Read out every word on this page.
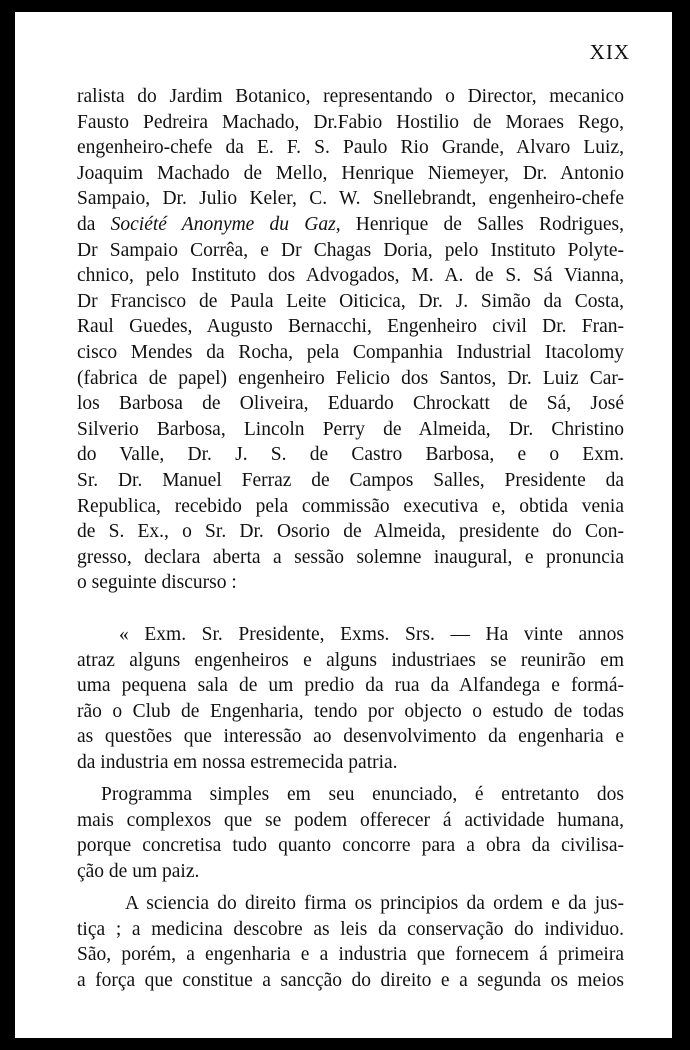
XIX
ralista do Jardim Botanico, representando o Director, mecanico
Fausto Pedreira Machado, Dr.Fabio Hostilio de Moraes Rego,
engenheiro-chefe da E. F. S. Paulo Rio Grande, Alvaro Luiz,
Joaquim Machado de Mello, Henrique Niemeyer, Dr. Antonio
Sampaio, Dr. Julio Keler, C. W. Snellebrandt, engenheiro-chefe
da Société Anonyme du Gaz, Henrique de Salles Rodrigues,
Dr Sampaio Corrêa, e Dr Chagas Doria, pelo Instituto Polyte-
chnico, pelo Instituto dos Advogados, M. A. de S. Sá Vianna,
Dr Francisco de Paula Leite Oiticica, Dr. J. Simão da Costa,
Raul Guedes, Augusto Bernacchi, Engenheiro civil Dr. Fran-
cisco Mendes da Rocha, pela Companhia Industrial Itacolomy
(fabrica de papel) engenheiro Felicio dos Santos, Dr. Luiz Car-
los Barbosa de Oliveira, Eduardo Chrockatt de Sá, José
Silverio Barbosa, Lincoln Perry de Almeida, Dr. Christino
do Valle, Dr. J. S. de Castro Barbosa, e o Exm.
Sr. Dr. Manuel Ferraz de Campos Salles, Presidente da
Republica, recebido pela commissão executiva e, obtida venia
de S. Ex., o Sr. Dr. Osorio de Almeida, presidente do Con-
gresso, declara aberta a sessão solemne inaugural, e pronuncia
o seguinte discurso :
« Exm. Sr. Presidente, Exms. Srs. — Ha vinte annos
atraz alguns engenheiros e alguns industriaes se reunirão em
uma pequena sala de um predio da rua da Alfandega e formá-
rão o Club de Engenharia, tendo por objecto o estudo de todas
as questões que interessão ao desenvolvimento da engenharia e
da industria em nossa estremecida patria.
Programma simples em seu enunciado, é entretanto dos
mais complexos que se podem offerecer á actividade humana,
porque concretisa tudo quanto concorre para a obra da civilisa-
ção de um paiz.
A sciencia do direito firma os principios da ordem e da jus-
tiça ; a medicina descobre as leis da conservação do individuo.
São, porém, a engenharia e a industria que fornecem á primeira
a força que constitue a sancção do direito e a segunda os meios
